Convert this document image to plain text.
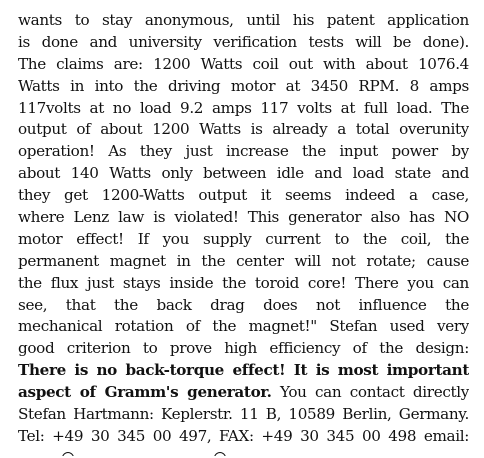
wants to stay anonymous, until his patent application
is done and university verification tests will be done).
The claims are: 1200 Watts coil out with about 1076.4
Watts in into the driving motor at 3450 RPM. 8 amps
117volts at no load 9.2 amps 117 volts at full load. The
output of about 1200 Watts is already a total overunity
operation! As they just increase the input power by
about 140 Watts only between idle and load state and
they get 1200-Watts output it seems indeed a case,
where Lenz law is violated! This generator also has NO
motor effect! If you supply current to the coil, the
permanent magnet in the center will not rotate; cause
the flux just stays inside the toroid core! There you can
see, that the back drag does not influence the
mechanical rotation of the magnet!" Stefan used very
good criterion to prove high efficiency of the design:
There is no back-torque effect! It is most important
aspect of Gramm's generator. You can contact directly
Stefan Hartmann: Keplerstr. 11 B, 10589 Berlin, Germany.
Tel: +49 30 345 00 497, FAX: +49 30 345 00 498 email:
